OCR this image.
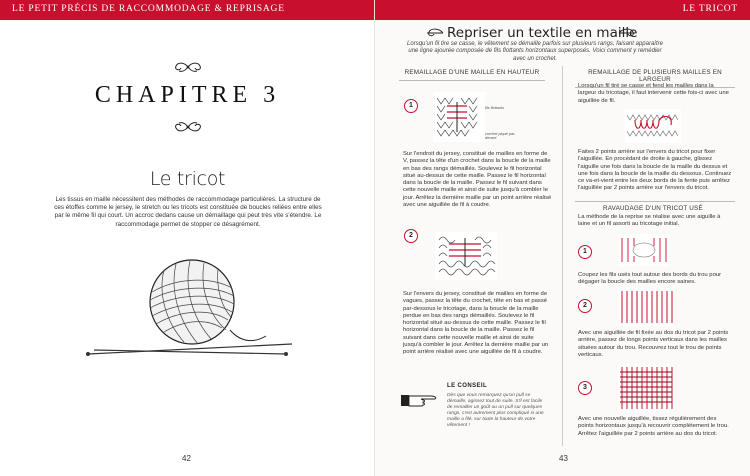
LE PETIT PRÉCIS DE RACCOMMODAGE & REPRISAGE
CHAPITRE 3
Le tricot
Les tissus en maille nécessitent des méthodes de raccommodage particulières. La structure de ces étoffes comme le jersey, le stretch ou les tricots est constituée de boucles reliées entre elles par le même fil qui court. Un accroc dedans cause un démaillage qui peut très vite s'étendre. Le raccommodage permet de stopper ce désagrément.
42
LE TRICOT
Repriser un textile en maille
Lorsqu'un fil tire se casse, le vêtement se démaille parfois sur plusieurs rangs, faisant apparaître une ligne ajourée composée de fils flottants horizontaux superposés. Voici comment y remédier avec un crochet.
REMAILLAGE D'UNE MAILLE EN HAUTEUR
1	fils flottants
crochet piqué par-devant
Sur l'endroit du jersey, constitué de mailles en forme de V, passez la tête d'un crochet dans la boucle de la maille en bas des rangs démaillés. Soulevez le fil horizontal situé au-dessus de cette maille. Passez le fil horizontal dans la boucle de la maille. Passez le fil suivant dans cette nouvelle maille et ainsi de suite jusqu'à combler le jour. Arrêtez la dernière maille par un point arrière réalisé avec une aiguillée de fil à coudre.
2
Sur l'envers du jersey, constitué de mailles en forme de vagues, passez la tête du crochet, tête en bas et passé par-dessous le tricotage, dans la boucle de la maille perdue en bas des rangs démaillés. Soulevez le fil horizontal situé au-dessus de cette maille. Passez le fil horizontal dans la boucle de la maille. Passez le fil suivant dans cette nouvelle maille et ainsi de suite jusqu'à combler le jour. Arrêtez la dernière maille par un point arrière réalisé avec une aiguillée de fil à coudre.
LE CONSEIL
Dès que vous remarquez qu'un pull se démaille, agissez tout de suite. S'il est facile de remailler un goût ou un pull sur quelques rangs, c'est autrement plus compliqué si une maille a filé, sur toute la hauteur de votre vêtement !
REMAILLAGE DE PLUSIEURS MAILLES EN LARGEUR
Lorsqu'un fil tiré se casse et fend les mailles dans la largeur du tricotage, il faut intervenir cette fois-ci avec une aiguillée de fil.
Faites 2 points arrière sur l'envers du tricot pour fixer l'aiguillée. En procédant de droite à gauche, glissez l'aiguille une fois dans la boucle de la maille du dessus et une fois dans la boucle de la maille du dessous. Continuez ce va-et-vient entre les deux bords de la fente puis arrêtez l'aiguillée par 2 points arrière sur l'envers du tricot.
RAVAUDAGE D'UN TRICOT USÉ
La méthode de la reprise se réalise avec une aiguille à laine et un fil assorti au tricotage initial.
1
Coupez les fils usés tout autour des bords du trou pour dégager la boucle des mailles encore saines.
2
Avec une aiguillée de fil fixée au dos du tricot par 2 points arrière, passez de longs points verticaux dans les mailles situées autour du trou. Recouvrez tout le trou de points verticaux.
3
Avec une nouvelle aiguillée, tissez régulièrement des points horizontaux jusqu'à recouvrir complètement le trou. Arrêtez l'aiguillée par 2 points arrière au dos du tricot.
43
